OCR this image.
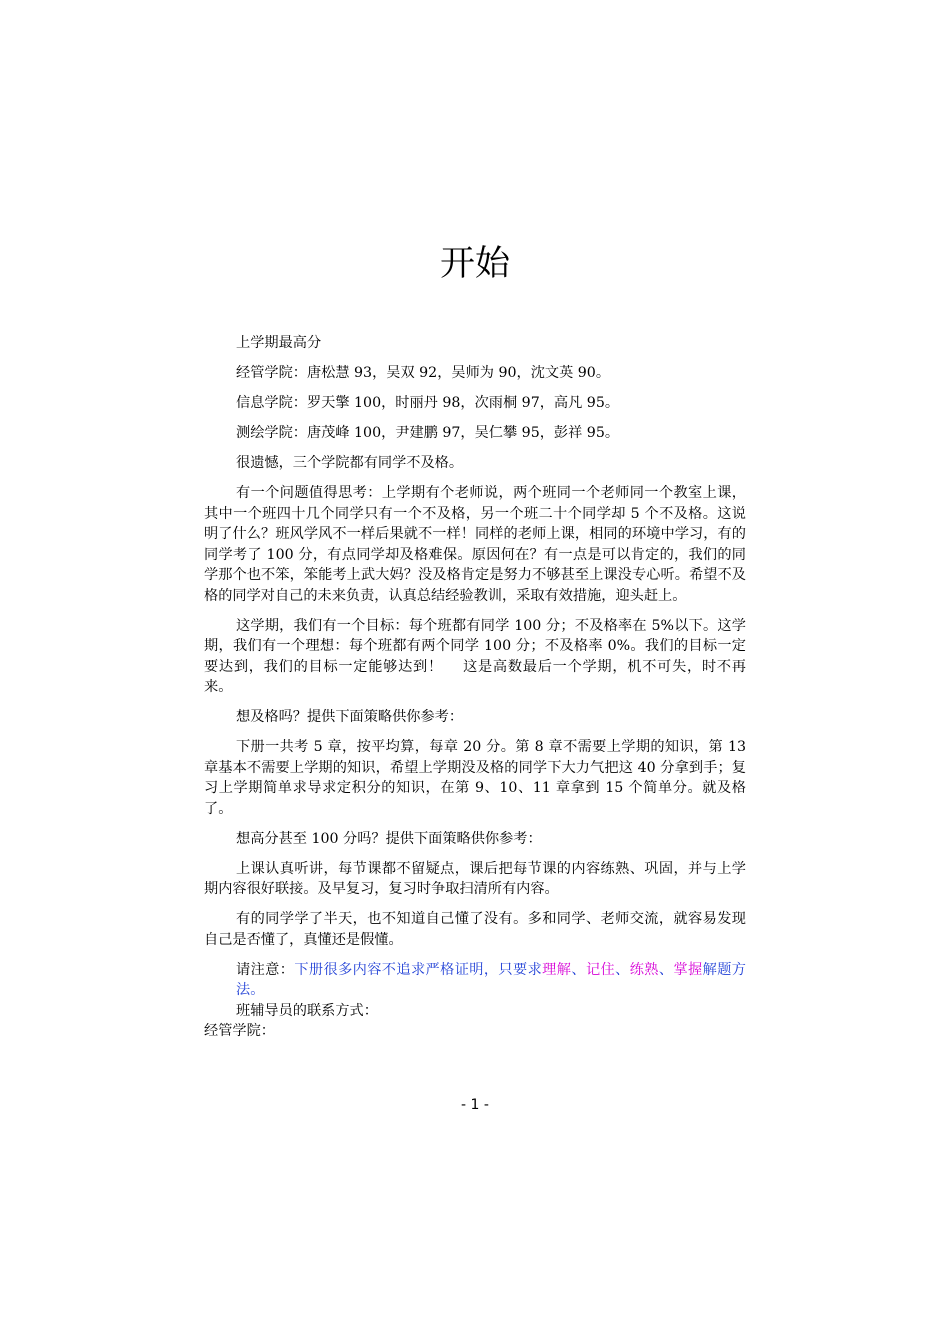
开始

上学期最高分

经管学院：唐松慧 93，吴双 92，吴师为 90，沈文英 90。

信息学院：罗天擎 100，时丽丹 98，次雨桐 97，高凡 95。

测绘学院：唐茂峰 100，尹建鹏 97，吴仁攀 95，彭祥 95。

很遗憾，三个学院都有同学不及格。

有一个问题值得思考：上学期有个老师说，两个班同一个老师同一个教室上课，其中一个班四十几个同学只有一个不及格，另一个班二十个同学却 5 个不及格。这说明了什么？班风学风不一样后果就不一样！同样的老师上课，相同的环境中学习，有的同学考了 100 分，有点同学却及格难保。原因何在？有一点是可以肯定的，我们的同学那个也不笨，笨能考上武大妈？没及格肯定是努力不够甚至上课没专心听。希望不及格的同学对自己的未来负责，认真总结经验教训，采取有效措施，迎头赶上。

这学期，我们有一个目标：每个班都有同学 100 分；不及格率在 5%以下。这学期，我们有一个理想：每个班都有两个同学 100 分；不及格率 0%。我们的目标一定要达到，我们的目标一定能够达到！　 这是高数最后一个学期，机不可失，时不再来。

想及格吗？提供下面策略供你参考：

下册一共考 5 章，按平均算，每章 20 分。第 8 章不需要上学期的知识，第 13 章基本不需要上学期的知识，希望上学期没及格的同学下大力气把这 40 分拿到手；复习上学期简单求导求定积分的知识，在第 9、10、11 章拿到 15 个简单分。就及格了。

想高分甚至 100 分吗？提供下面策略供你参考：

上课认真听讲，每节课都不留疑点，课后把每节课的内容练熟、巩固，并与上学期内容很好联接。及早复习，复习时争取扫清所有内容。

有的同学学了半天，也不知道自己懂了没有。多和同学、老师交流，就容易发现自己是否懂了，真懂还是假懂。

请注意：下册很多内容不追求严格证明，只要求理解、记住、练熟、掌握解题方法。

班辅导员的联系方式：

经管学院：

- 1 -
